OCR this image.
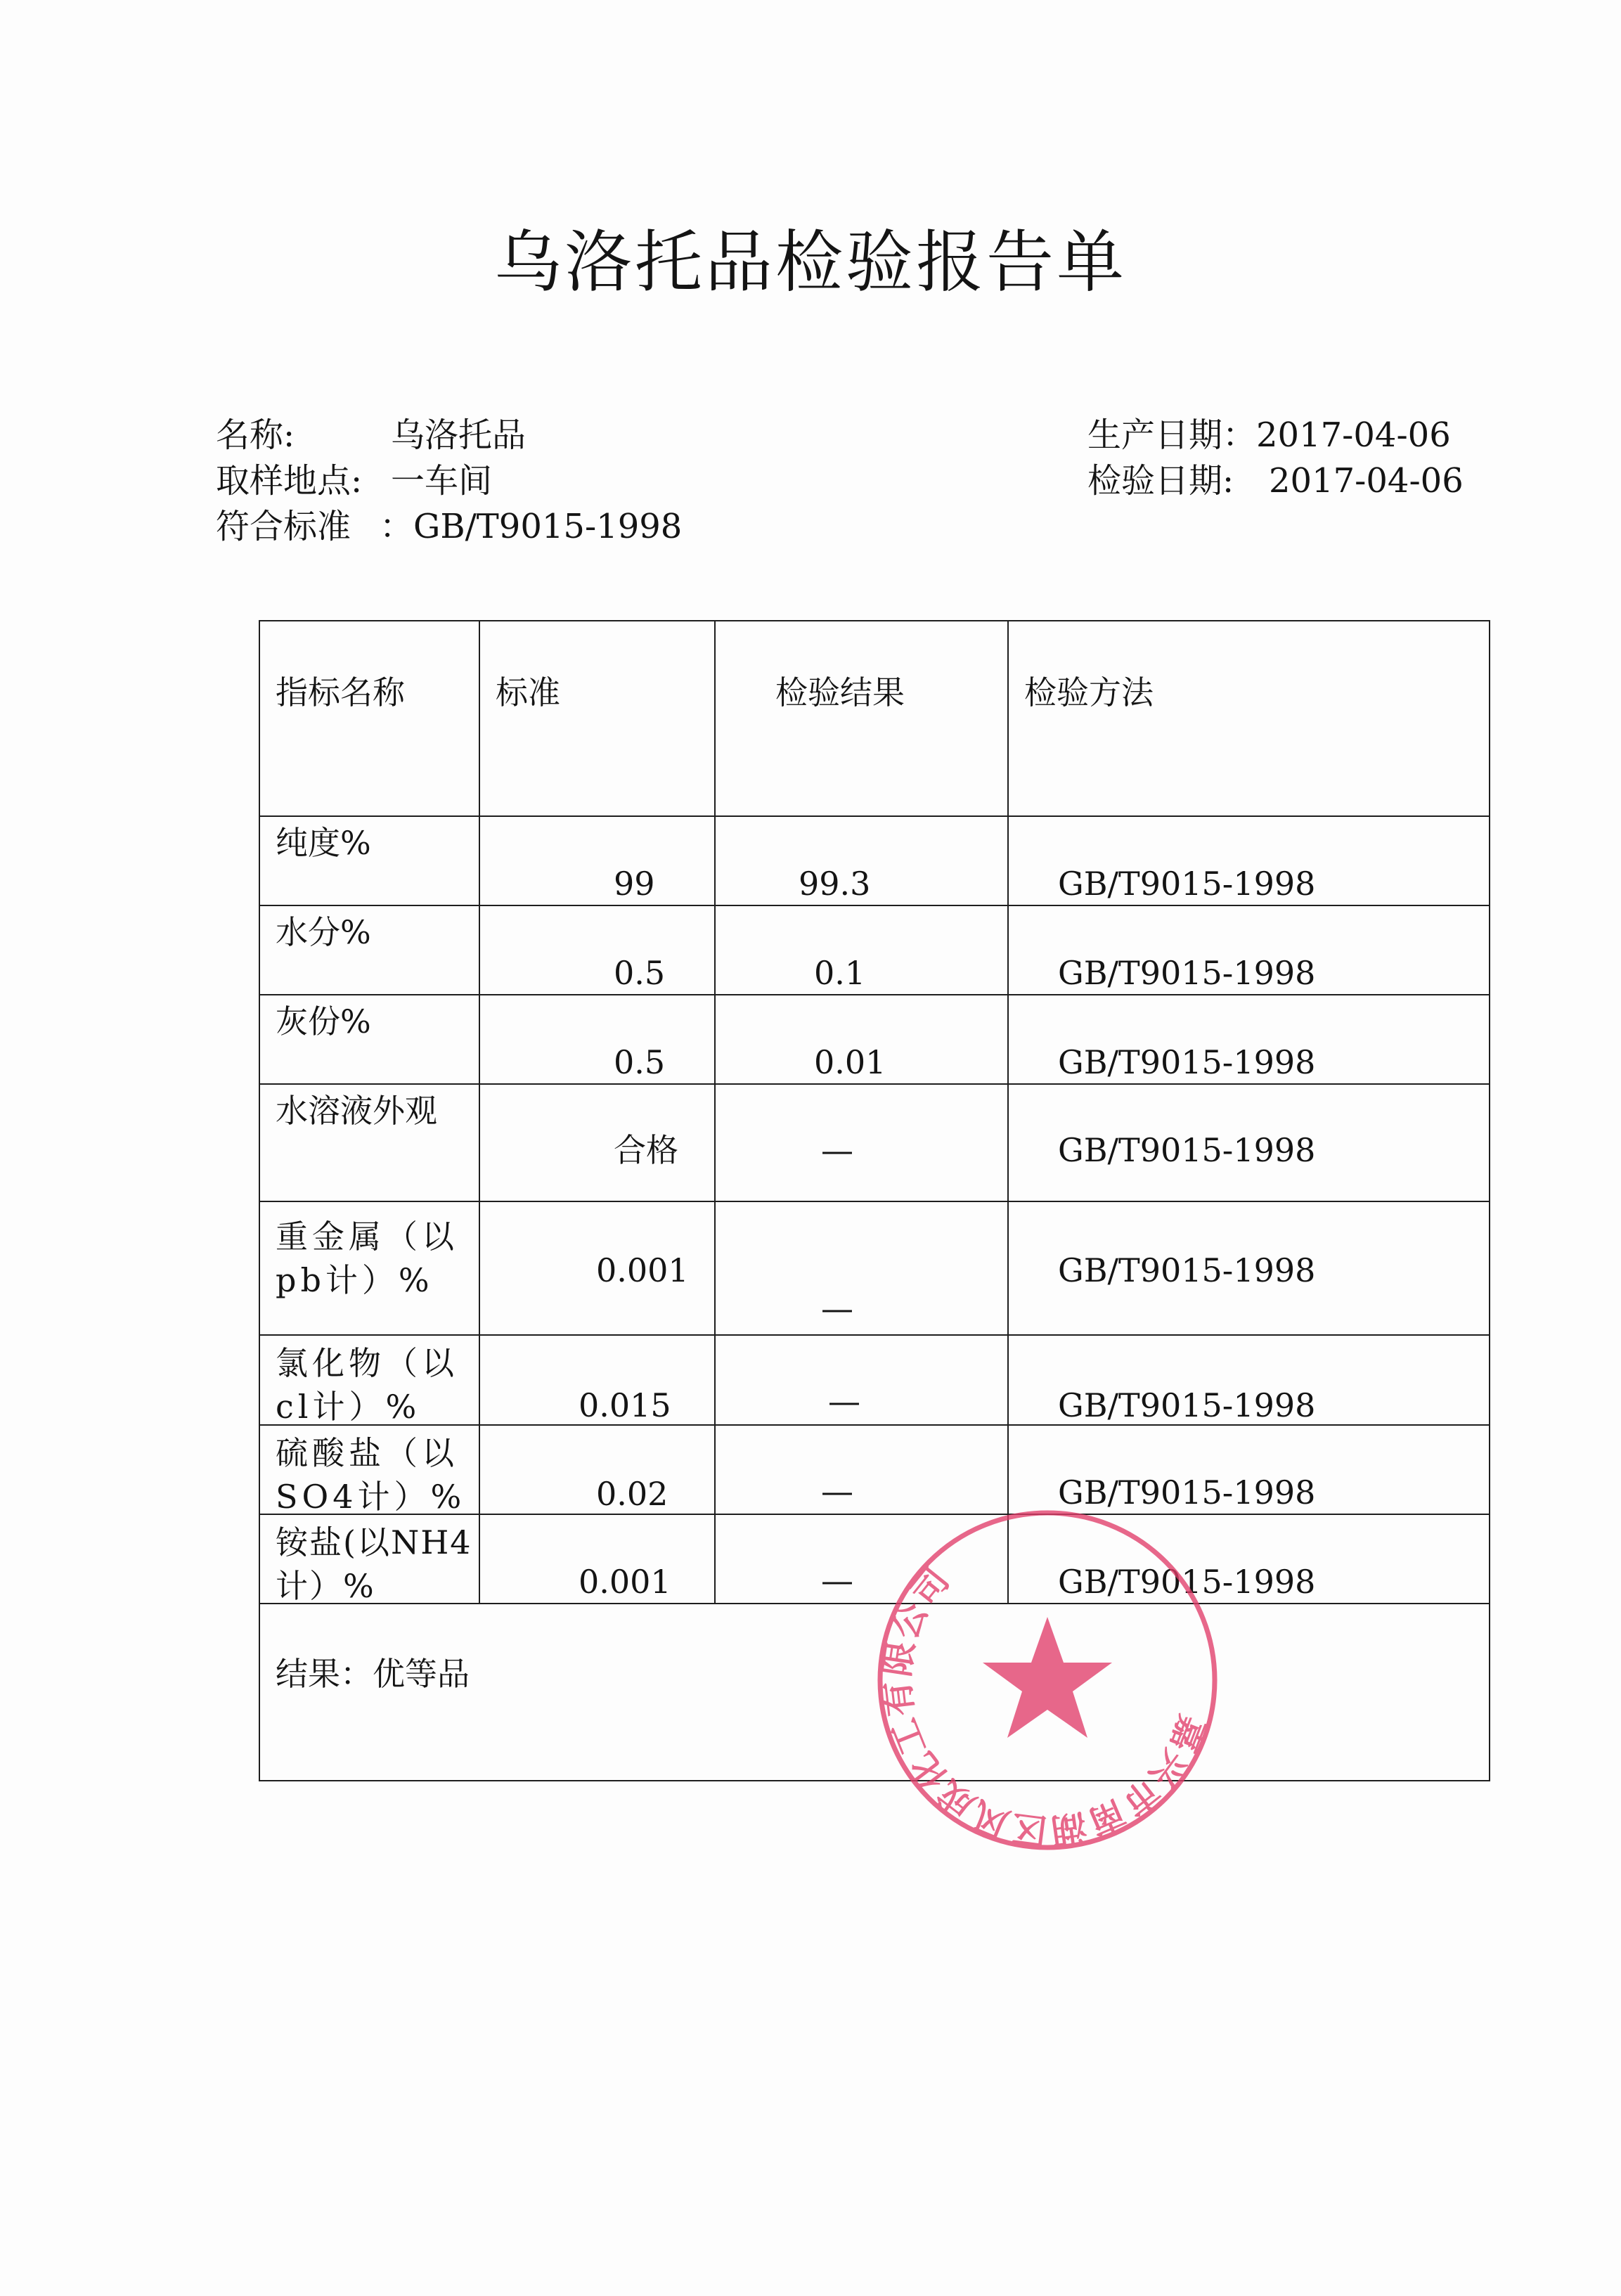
乌洛托品检验报告单
名称:	乌洛托品
取样地点: 一车间
符合标准 ：GB/T9015-1998
生产日期： 2017-04-06
检验日期: 2017-04-06
指标名称	标准	检验结果	检验方法

纯度%	99	99.3	GB/T9015-1998

水分%	0.5	0.1	GB/T9015-1998

灰份%	0.5	0.01	GB/T9015-1998

水溶液外观	合格	—	GB/T9015-1998

重金属（以pb计）%	0.001	—	GB/T9015-1998

氯化物（以cl计）%	0.015	—	GB/T9015-1998

硫酸盐（以SO4计）%	0.02	—	GB/T9015-1998

铵盐(以NH4计）%	0.001	—	GB/T9015-1998

结果：优等品			
嘉兴市南湖区风成化工有限公司
